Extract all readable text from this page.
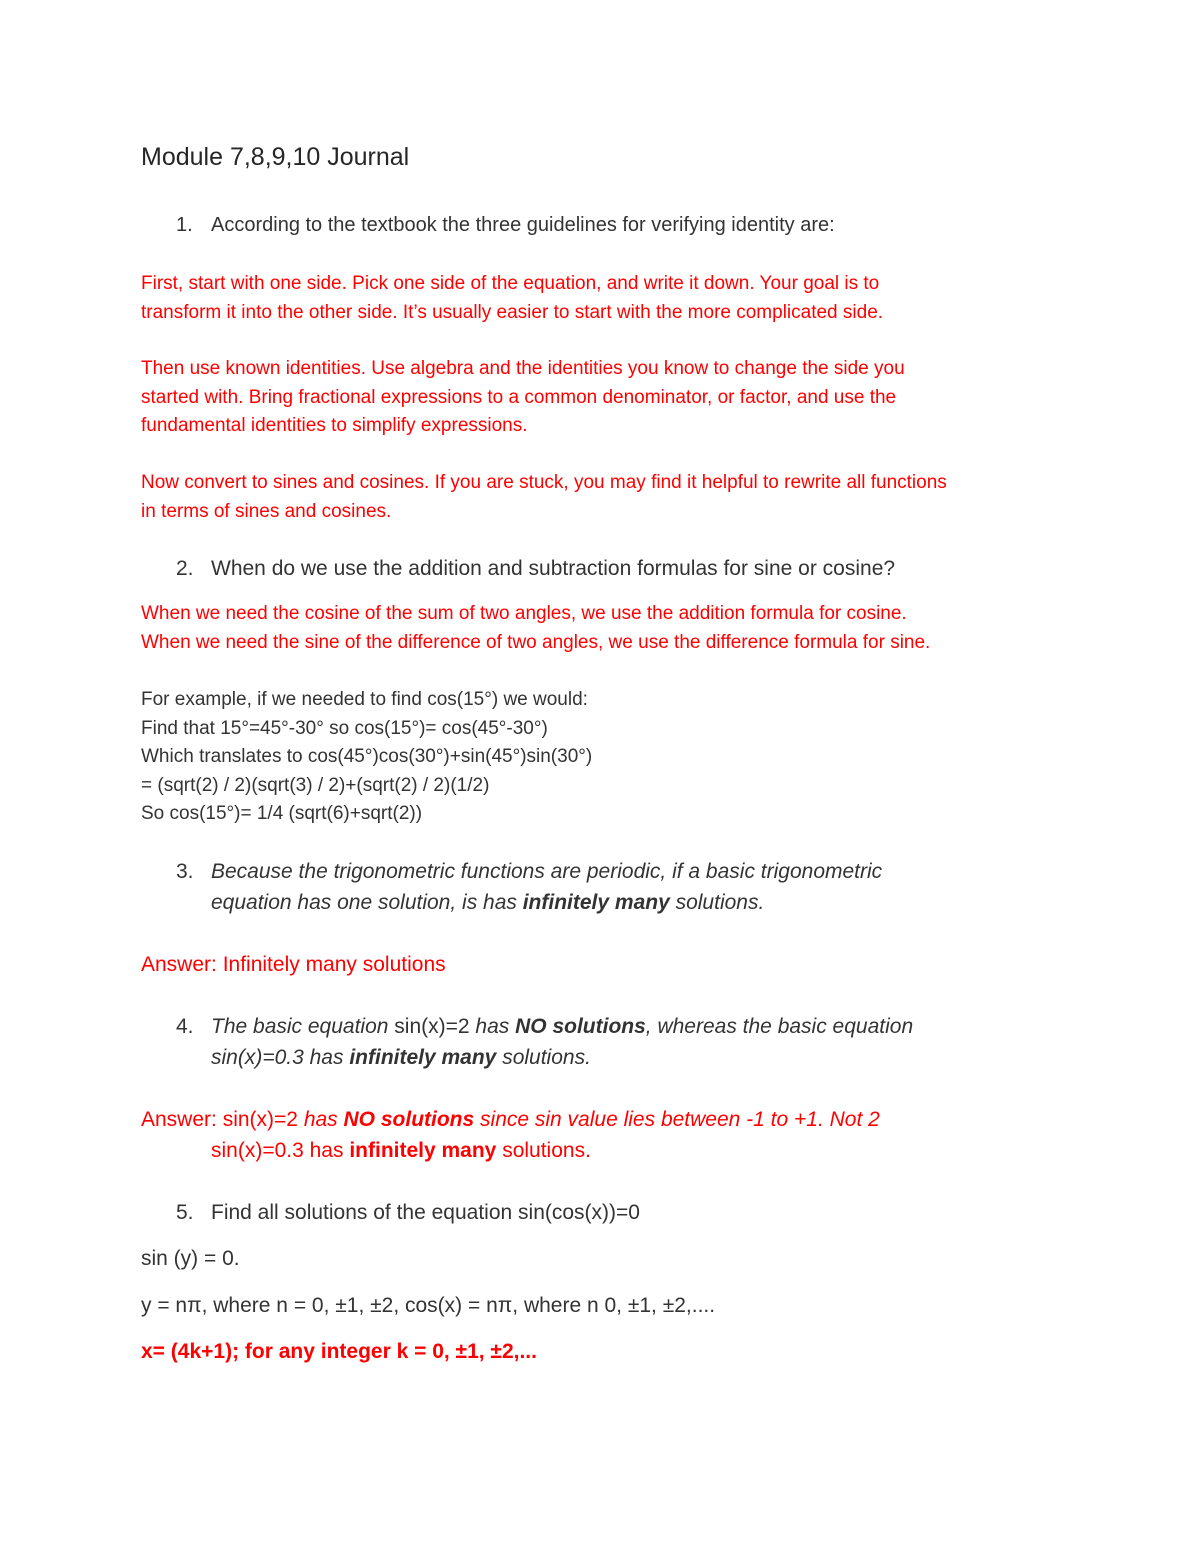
Module 7,8,9,10 Journal
1. According to the textbook the three guidelines for verifying identity are:
First, start with one side. Pick one side of the equation, and write it down. Your goal is to
transform it into the other side. It’s usually easier to start with the more complicated side.
Then use known identities. Use algebra and the identities you know to change the side you
started with. Bring fractional expressions to a common denominator, or factor, and use the
fundamental identities to simplify expressions.
Now convert to sines and cosines. If you are stuck, you may find it helpful to rewrite all functions
in terms of sines and cosines.
2. When do we use the addition and subtraction formulas for sine or cosine?
When we need the cosine of the sum of two angles, we use the addition formula for cosine.
When we need the sine of the difference of two angles, we use the difference formula for sine.
For example, if we needed to find cos(15°) we would:
Find that 15°=45°-30° so cos(15°)= cos(45°-30°)
Which translates to cos(45°)cos(30°)+sin(45°)sin(30°)
= (sqrt(2) / 2)(sqrt(3) / 2)+(sqrt(2) / 2)(1/2)
So cos(15°)= 1/4 (sqrt(6)+sqrt(2))
3. Because the trigonometric functions are periodic, if a basic trigonometric
equation has one solution, is has infinitely many solutions.
Answer: Infinitely many solutions
4. The basic equation sin(x)=2 has NO solutions, whereas the basic equation
sin(x)=0.3 has infinitely many solutions.
Answer: sin(x)=2 has NO solutions since sin value lies between -1 to +1. Not 2
sin(x)=0.3 has infinitely many solutions.
5. Find all solutions of the equation sin(cos(x))=0
sin (y) = 0.
y = nπ, where n = 0, ±1, ±2, cos(x) = nπ, where n 0, ±1, ±2,....
x= (4k+1); for any integer k = 0, ±1, ±2,...
